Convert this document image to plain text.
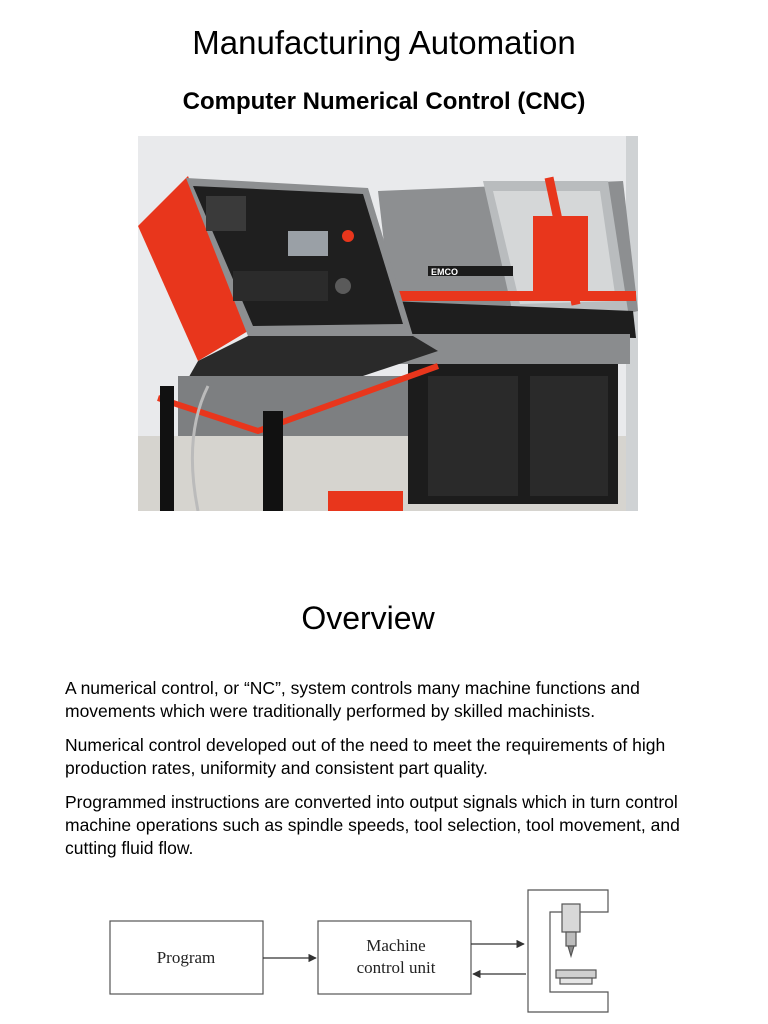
Manufacturing Automation
Computer Numerical Control (CNC)
EMCO
Overview

A numerical control, or “NC”, system controls many machine functions and movements which were traditionally performed by skilled machinists.

Numerical control developed out of the need to meet the requirements of high production rates, uniformity and consistent part quality.

Programmed instructions are converted into output signals which in turn control machine operations such as spindle speeds, tool selection, tool movement, and cutting fluid flow.

Program
Machine
control unit
